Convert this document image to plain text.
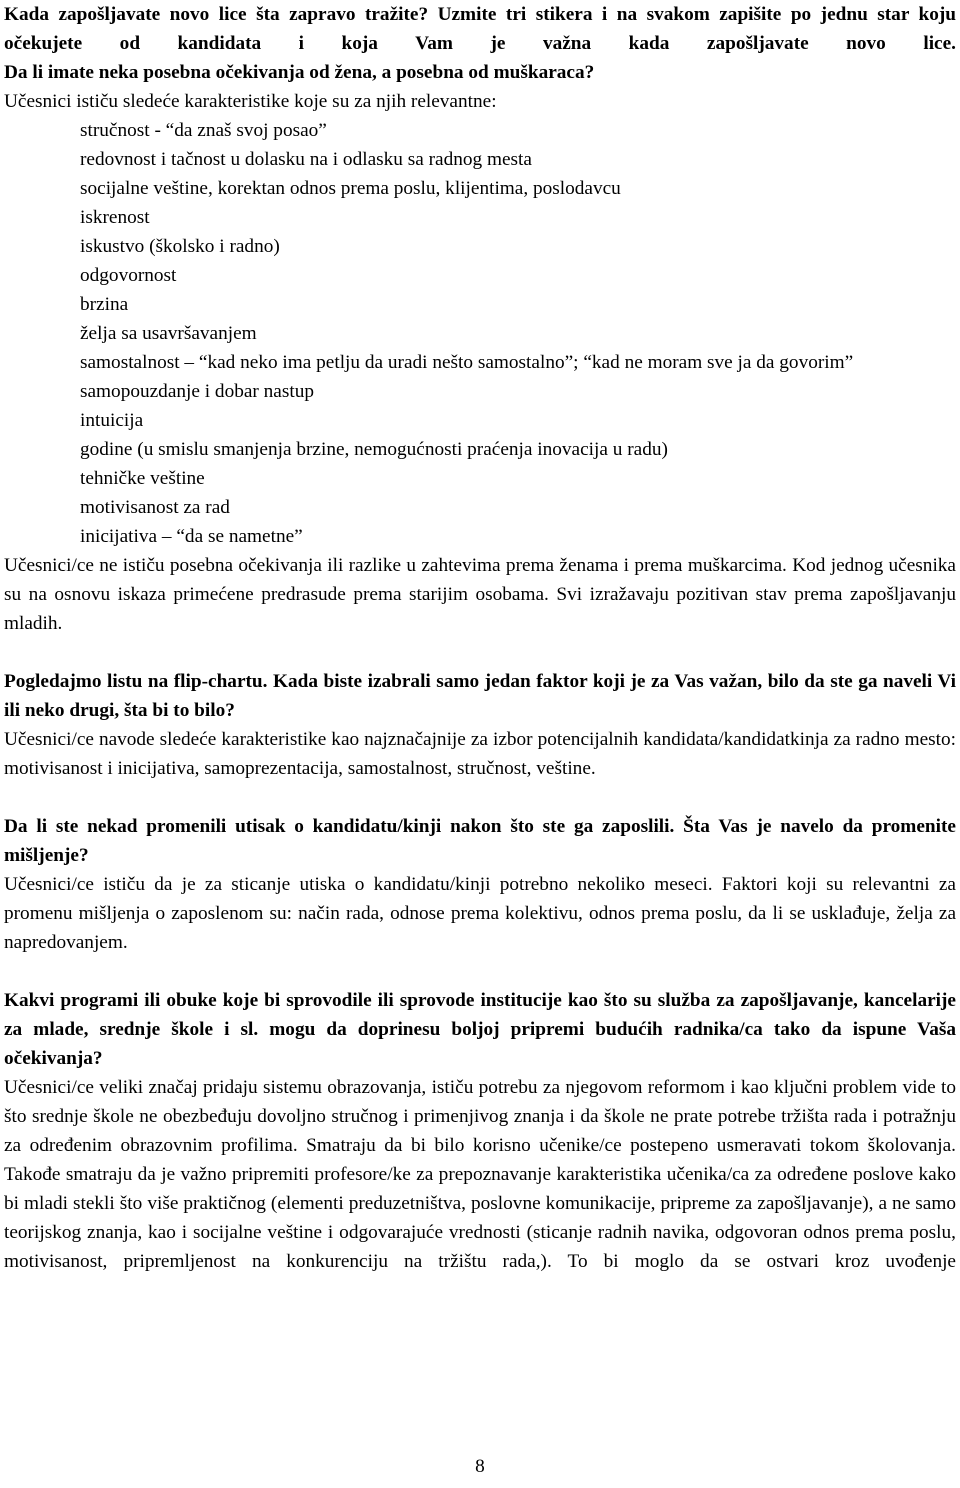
Kada zapošljavate novo lice šta zapravo tražite? Uzmite tri stikera i na svakom zapišite po jednu star koju očekujete od kandidata i koja Vam je važna kada zapošljavate novo lice.

Da li imate neka posebna očekivanja od žena, a posebna od muškaraca?

Učesnici ističu sledeće karakteristike koje su za njih relevantne:

stručnost - “da znaš svoj posao”
redovnost i tačnost u dolasku na i odlasku sa radnog mesta
socijalne veštine, korektan odnos prema poslu, klijentima, poslodavcu
iskrenost
iskustvo (školsko i radno)
odgovornost
brzina
želja sa usavršavanjem
samostalnost – “kad neko ima petlju da uradi nešto samostalno”; “kad ne moram sve ja da govorim”
samopouzdanje i dobar nastup
intuicija
godine (u smislu smanjenja brzine, nemogućnosti praćenja inovacija u radu)
tehničke veštine
motivisanost za rad
inicijativa – “da se nametne”

Učesnici/ce ne ističu posebna očekivanja ili razlike u zahtevima prema ženama i prema muškarcima. Kod jednog učesnika su na osnovu iskaza primećene predrasude prema starijim osobama. Svi izražavaju pozitivan stav prema zapošljavanju mladih.

Pogledajmo listu na flip-chartu. Kada biste izabrali samo jedan faktor koji je za Vas važan, bilo da ste ga naveli Vi ili neko drugi, šta bi to bilo?

Učesnici/ce navode sledeće karakteristike kao najznačajnije za izbor potencijalnih kandidata/kandidatkinja za radno mesto: motivisanost i inicijativa, samoprezentacija, samostalnost, stručnost, veštine.

Da li ste nekad promenili utisak o kandidatu/kinji nakon što ste ga zaposlili. Šta Vas je navelo da promenite mišljenje?

Učesnici/ce ističu da je za sticanje utiska o kandidatu/kinji potrebno nekoliko meseci. Faktori koji su relevantni za promenu mišljenja o zaposlenom su: način rada, odnose prema kolektivu, odnos prema poslu, da li se usklađuje, želja za napredovanjem.

Kakvi programi ili obuke koje bi sprovodile ili sprovode institucije kao što su služba za zapošljavanje, kancelarije za mlade, srednje škole i sl. mogu da doprinesu boljoj pripremi budućih radnika/ca tako da ispune Vaša očekivanja?

Učesnici/ce veliki značaj pridaju sistemu obrazovanja, ističu potrebu za njegovom reformom i kao ključni problem vide to što srednje škole ne obezbeđuju dovoljno stručnog i primenjivog znanja i da škole ne prate potrebe tržišta rada i potražnju za određenim obrazovnim profilima. Smatraju da bi bilo korisno učenike/ce postepeno usmeravati tokom školovanja. Takođe smatraju da je važno pripremiti profesore/ke za prepoznavanje karakteristika učenika/ca za određene poslove kako bi mladi stekli što više praktičnog (elementi preduzetništva, poslovne komunikacije, pripreme za zapošljavanje), a ne samo teorijskog znanja, kao i socijalne veštine i odgovarajuće vrednosti (sticanje radnih navika, odgovoran odnos prema poslu, motivisanost, pripremljenost na konkurenciju na tržištu rada,). To bi moglo da se ostvari kroz uvođenje

8
